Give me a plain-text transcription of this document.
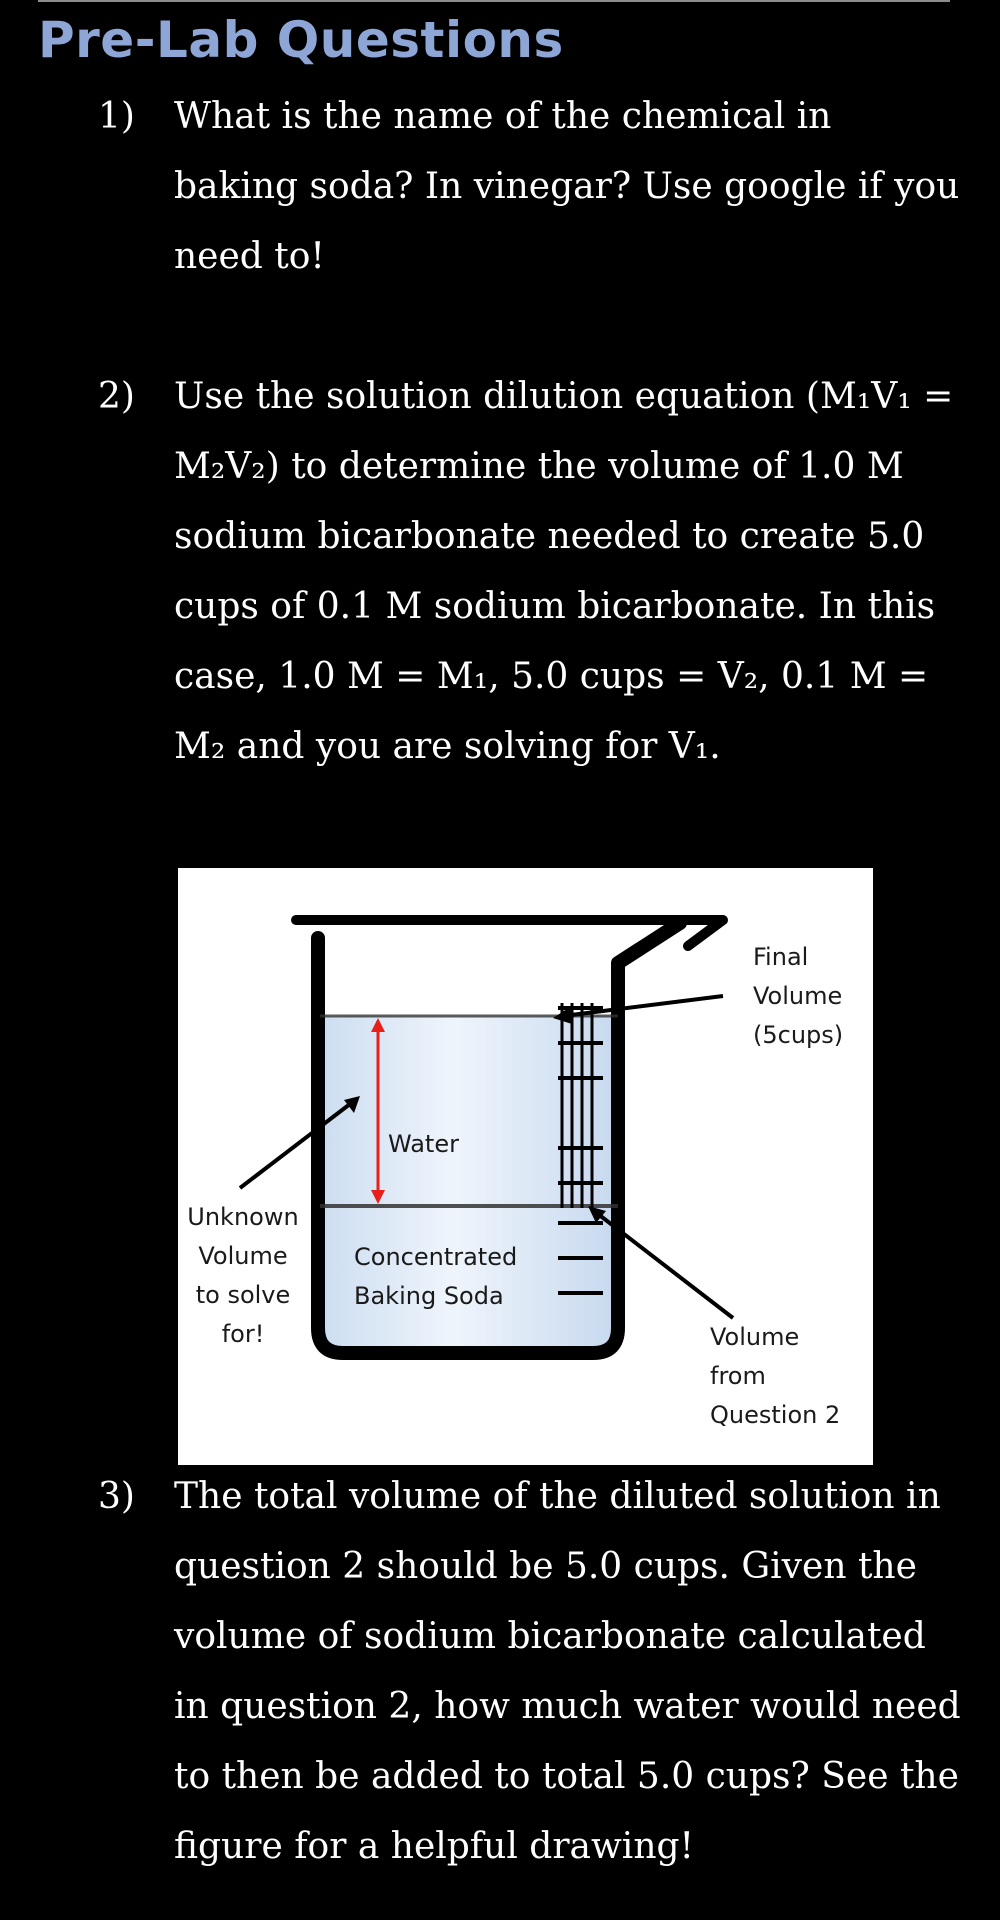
Pre-Lab Questions
1) What is the name of the chemical in
baking soda? In vinegar? Use google if you
need to!
2) Use the solution dilution equation (M₁V₁ =
M₂V₂) to determine the volume of 1.0 M
sodium bicarbonate needed to create 5.0
cups of 0.1 M sodium bicarbonate. In this
case, 1.0 M = M₁, 5.0 cups = V₂, 0.1 M =
M₂ and you are solving for V₁.
Final
Volume
(5cups)
Water
Unknown
Volume
to solve
for!
Concentrated
Baking Soda
Volume
from
Question 2
3) The total volume of the diluted solution in
question 2 should be 5.0 cups. Given the
volume of sodium bicarbonate calculated
in question 2, how much water would need
to then be added to total 5.0 cups? See the
figure for a helpful drawing!
